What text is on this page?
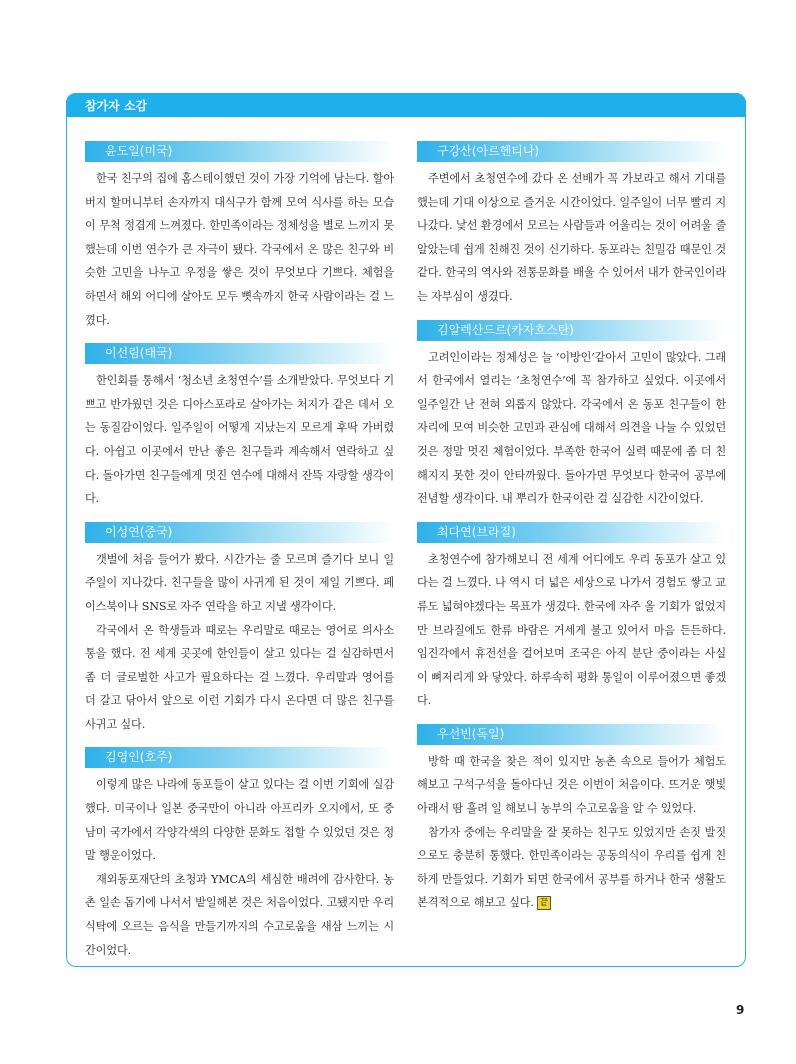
참가자 소감
윤도일(미국)

한국 친구의 집에 홈스테이했던 것이 가장 기억에 남는다. 할아버지 할머니부터 손자까지 대식구가 함께 모여 식사를 하는 모습이 무척 정겹게 느껴졌다. 한민족이라는 정체성을 별로 느끼지 못했는데 이번 연수가 큰 자극이 됐다. 각국에서 온 많은 친구와 비슷한 고민을 나누고 우정을 쌓은 것이 무엇보다 기쁘다. 체험을 하면서 해외 어디에 살아도 모두 뼛속까지 한국 사람이라는 걸 느꼈다.

이선림(태국)

한인회를 통해서 ‘청소년 초청연수’를 소개받았다. 무엇보다 기쁘고 반가웠던 것은 디아스포라로 살아가는 처지가 같은 데서 오는 동질감이었다. 일주일이 어떻게 지났는지 모르게 후딱 가버렸다. 아쉽고 이곳에서 만난 좋은 친구들과 계속해서 연락하고 싶다. 돌아가면 친구들에게 멋진 연수에 대해서 잔뜩 자랑할 생각이다.

이성연(중국)

갯벌에 처음 들어가 봤다. 시간가는 줄 모르며 즐기다 보니 일주일이 지나갔다. 친구들을 많이 사귀게 된 것이 제일 기쁘다. 페이스북이나 SNS로 자주 연락을 하고 지낼 생각이다.

각국에서 온 학생들과 때로는 우리말로 때로는 영어로 의사소통을 했다. 전 세계 곳곳에 한인들이 살고 있다는 걸 실감하면서 좀 더 글로벌한 사고가 필요하다는 걸 느꼈다. 우리말과 영어를 더 갈고 닦아서 앞으로 이런 기회가 다시 온다면 더 많은 친구를 사귀고 싶다.

김영인(호주)

이렇게 많은 나라에 동포들이 살고 있다는 걸 이번 기회에 실감했다. 미국이나 일본 중국만이 아니라 아프리카 오지에서, 또 중남미 국가에서 각양각색의 다양한 문화도 접할 수 있었던 것은 정말 행운이었다.

재외동포재단의 초청과 YMCA의 세심한 배려에 감사한다. 농촌 일손 돕기에 나서서 밭일해본 것은 처음이었다. 고됐지만 우리 식탁에 오르는 음식을 만들기까지의 수고로움을 새삼 느끼는 시간이었다.

구강산(아르헨티나)

주변에서 초청연수에 갔다 온 선배가 꼭 가보라고 해서 기대를 했는데 기대 이상으로 즐거운 시간이었다. 일주일이 너무 빨리 지나갔다. 낯선 환경에서 모르는 사람들과 어울리는 것이 어려울 줄 알았는데 쉽게 친해진 것이 신기하다. 동포라는 친밀감 때문인 것 같다. 한국의 역사와 전통문화를 배울 수 있어서 내가 한국인이라는 자부심이 생겼다.

김알렉산드르(카자흐스탄)

고려인이라는 정체성은 늘 ‘이방인’같아서 고민이 많았다. 그래서 한국에서 열리는 ‘초청연수’에 꼭 참가하고 싶었다. 이곳에서 일주일간 난 전혀 외롭지 않았다. 각국에서 온 동포 친구들이 한자리에 모여 비슷한 고민과 관심에 대해서 의견을 나눌 수 있었던 것은 정말 멋진 체험이었다. 부족한 한국어 실력 때문에 좀 더 친해지지 못한 것이 안타까웠다. 돌아가면 무엇보다 한국어 공부에 전념할 생각이다. 내 뿌리가 한국이란 걸 실감한 시간이었다.

최다연(브라질)

초청연수에 참가해보니 전 세계 어디에도 우리 동포가 살고 있다는 걸 느꼈다. 나 역시 더 넓은 세상으로 나가서 경험도 쌓고 교류도 넓혀야겠다는 목표가 생겼다. 한국에 자주 올 기회가 없었지만 브라질에도 한류 바람은 거세게 불고 있어서 마음 든든하다. 임진각에서 휴전선을 걸어보며 조국은 아직 분단 중이라는 사실이 뼈저리게 와 닿았다. 하루속히 평화 통일이 이루어졌으면 좋겠다.

우선빈(독일)

방학 때 한국을 찾은 적이 있지만 농촌 속으로 들어가 체험도 해보고 구석구석을 돌아다닌 것은 이번이 처음이다. 뜨거운 햇빛 아래서 땀 흘려 일 해보니 농부의 수고로움을 알 수 있었다.

참가자 중에는 우리말을 잘 못하는 친구도 있었지만 손짓 발짓으로도 충분히 통했다. 한민족이라는 공동의식이 우리를 쉽게 친하게 만들었다. 기회가 되면 한국에서 공부를 하거나 한국 생활도 본격적으로 해보고 싶다. 끝

9
